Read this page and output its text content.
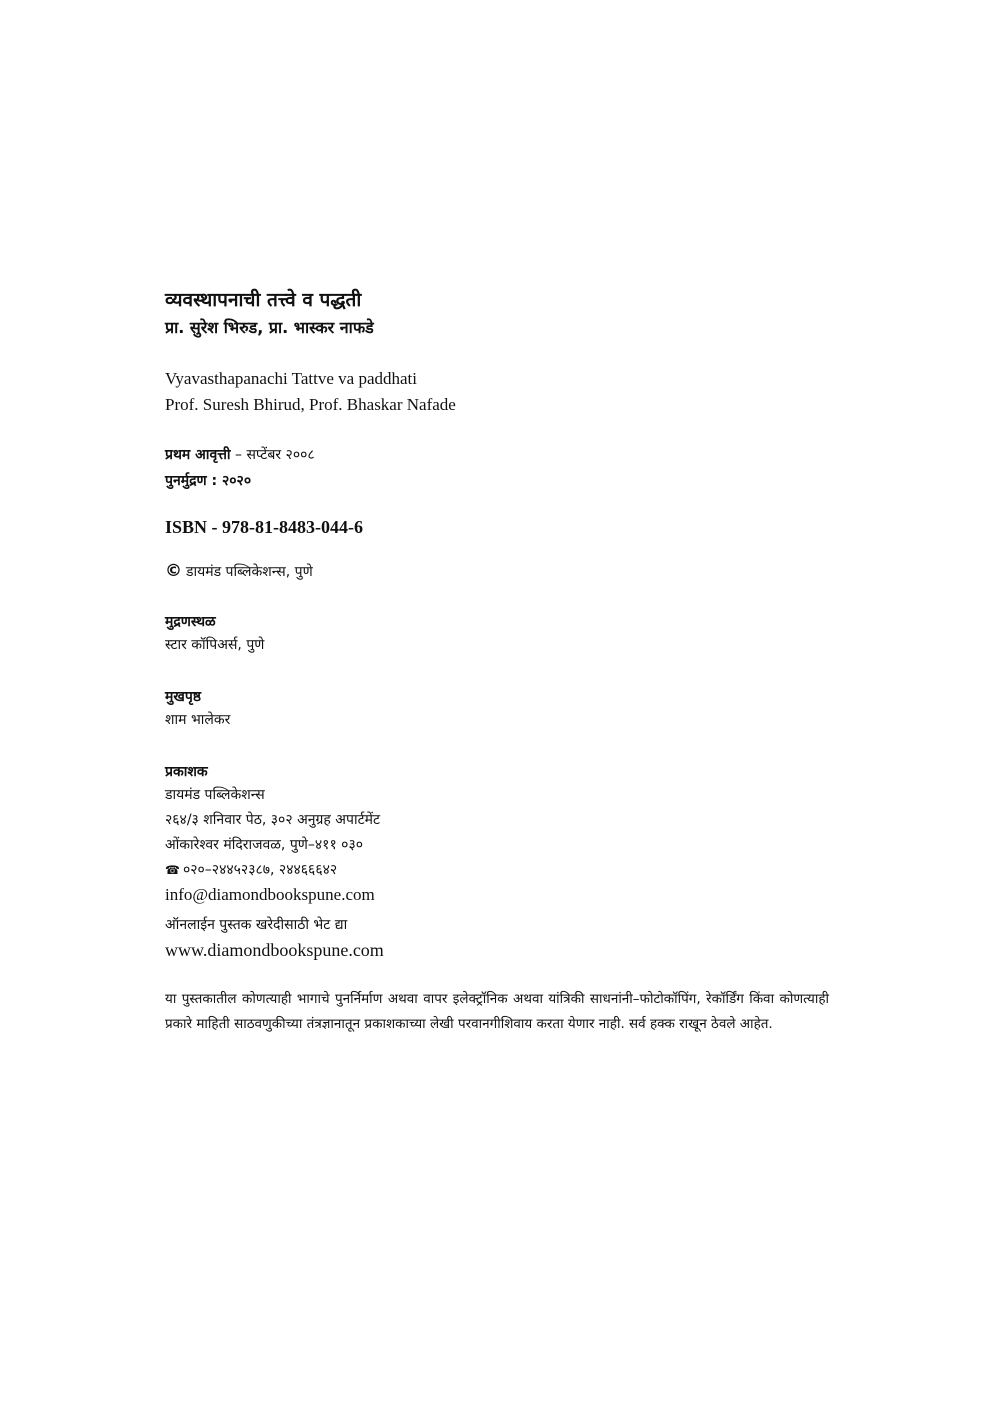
व्यवस्थापनाची तत्त्वे व पद्धती

प्रा. सुरेश भिरुड, प्रा. भास्कर नाफडे

Vyavasthapanachi Tattve va paddhati
Prof. Suresh Bhirud, Prof. Bhaskar Nafade
प्रथम आवृत्ती – सप्टेंबर २००८
पुनर्मुद्रण : २०२०
ISBN - 978-81-8483-044-6
© डायमंड पब्लिकेशन्स, पुणे
मुद्रणस्थळ
स्टार कॉपिअर्स, पुणे
मुखपृष्ठ
शाम भालेकर
प्रकाशक
डायमंड पब्लिकेशन्स
२६४/३ शनिवार पेठ, ३०२ अनुग्रह अपार्टमेंट
ओंकारेश्वर मंदिराजवळ, पुणे–४११ ०३०
☎ ०२०–२४४५२३८७, २४४६६६४२
info@diamondbookspune.com
ऑनलाईन पुस्तक खरेदीसाठी भेट द्या
www.diamondbookspune.com
या पुस्तकातील कोणत्याही भागाचे पुनर्निर्माण अथवा वापर इलेक्ट्रॉनिक अथवा यांत्रिकी साधनांनी–फोटोकॉपिंग, रेकॉर्डिंग किंवा कोणत्याही प्रकारे माहिती साठवणुकीच्या तंत्रज्ञानातून प्रकाशकाच्या लेखी परवानगीशिवाय करता येणार नाही. सर्व हक्क राखून ठेवले आहेत.
